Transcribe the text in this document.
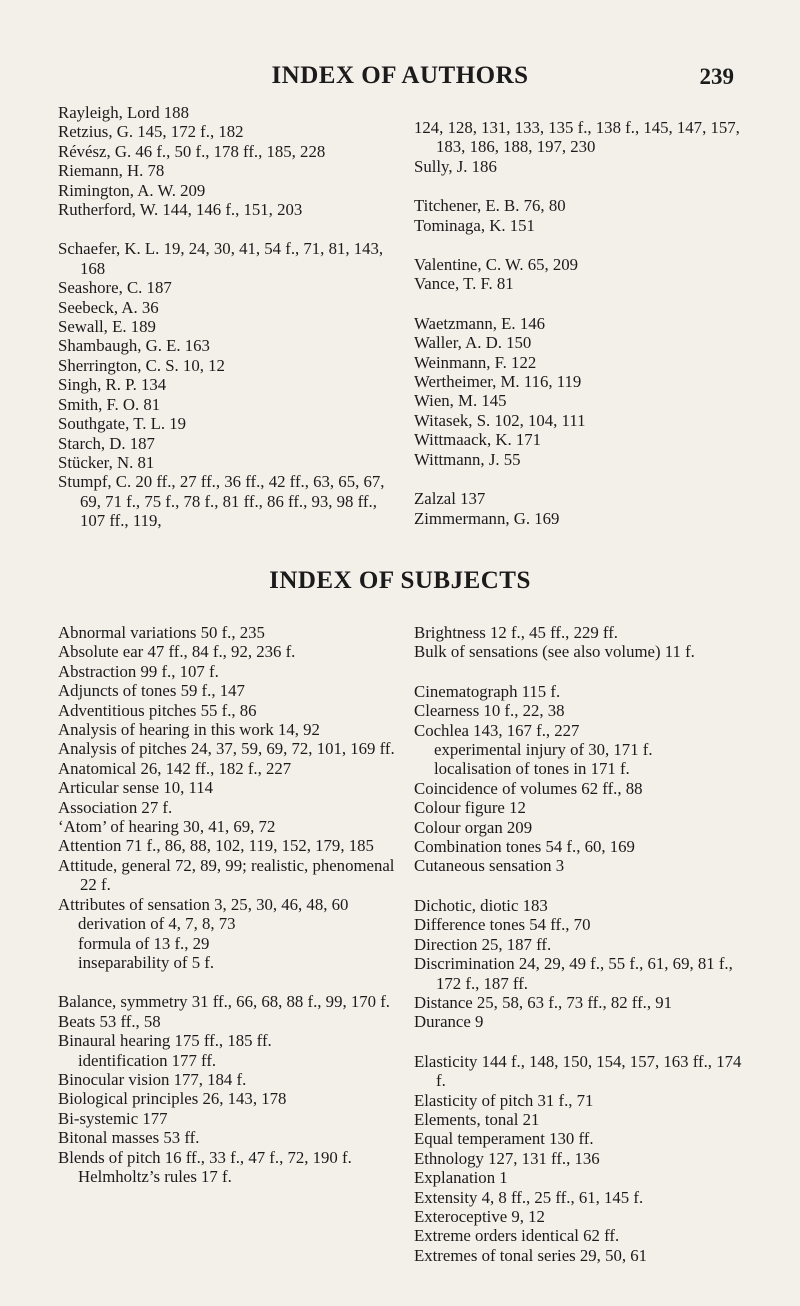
INDEX OF AUTHORS	239
Rayleigh, Lord 188
Retzius, G. 145, 172 f., 182
Révész, G. 46 f., 50 f., 178 ff., 185, 228
Riemann, H. 78
Rimington, A. W. 209
Rutherford, W. 144, 146 f., 151, 203
Schaefer, K. L. 19, 24, 30, 41, 54 f., 71, 81, 143, 168
Seashore, C. 187
Seebeck, A. 36
Sewall, E. 189
Shambaugh, G. E. 163
Sherrington, C. S. 10, 12
Singh, R. P. 134
Smith, F. O. 81
Southgate, T. L. 19
Starch, D. 187
Stücker, N. 81
Stumpf, C. 20 ff., 27 ff., 36 ff., 42 ff., 63, 65, 67, 69, 71 f., 75 f., 78 f., 81 ff., 86 ff., 93, 98 ff., 107 ff., 119,
124, 128, 131, 133, 135 f., 138 f., 145, 147, 157, 183, 186, 188, 197, 230
Sully, J. 186
Titchener, E. B. 76, 80
Tominaga, K. 151
Valentine, C. W. 65, 209
Vance, T. F. 81
Waetzmann, E. 146
Waller, A. D. 150
Weinmann, F. 122
Wertheimer, M. 116, 119
Wien, M. 145
Witasek, S. 102, 104, 111
Wittmaack, K. 171
Wittmann, J. 55
Zalzal 137
Zimmermann, G. 169
INDEX OF SUBJECTS
Abnormal variations 50 f., 235
Absolute ear 47 ff., 84 f., 92, 236 f.
Abstraction 99 f., 107 f.
Adjuncts of tones 59 f., 147
Adventitious pitches 55 f., 86
Analysis of hearing in this work 14, 92
Analysis of pitches 24, 37, 59, 69, 72, 101, 169 ff.
Anatomical 26, 142 ff., 182 f., 227
Articular sense 10, 114
Association 27 f.
‘Atom’ of hearing 30, 41, 69, 72
Attention 71 f., 86, 88, 102, 119, 152, 179, 185
Attitude, general 72, 89, 99; realistic, phenomenal 22 f.
Attributes of sensation 3, 25, 30, 46, 48, 60
derivation of 4, 7, 8, 73
formula of 13 f., 29
inseparability of 5 f.
Balance, symmetry 31 ff., 66, 68, 88 f., 99, 170 f.
Beats 53 ff., 58
Binaural hearing 175 ff., 185 ff.
identification 177 ff.
Binocular vision 177, 184 f.
Biological principles 26, 143, 178
Bi-systemic 177
Bitonal masses 53 ff.
Blends of pitch 16 ff., 33 f., 47 f., 72, 190 f.
Helmholtz’s rules 17 f.
Brightness 12 f., 45 ff., 229 ff.
Bulk of sensations (see also volume) 11 f.
Cinematograph 115 f.
Clearness 10 f., 22, 38
Cochlea 143, 167 f., 227
experimental injury of 30, 171 f.
localisation of tones in 171 f.
Coincidence of volumes 62 ff., 88
Colour figure 12
Colour organ 209
Combination tones 54 f., 60, 169
Cutaneous sensation 3
Dichotic, diotic 183
Difference tones 54 ff., 70
Direction 25, 187 ff.
Discrimination 24, 29, 49 f., 55 f., 61, 69, 81 f., 172 f., 187 ff.
Distance 25, 58, 63 f., 73 ff., 82 ff., 91
Durance 9
Elasticity 144 f., 148, 150, 154, 157, 163 ff., 174 f.
Elasticity of pitch 31 f., 71
Elements, tonal 21
Equal temperament 130 ff.
Ethnology 127, 131 ff., 136
Explanation 1
Extensity 4, 8 ff., 25 ff., 61, 145 f.
Exteroceptive 9, 12
Extreme orders identical 62 ff.
Extremes of tonal series 29, 50, 61
